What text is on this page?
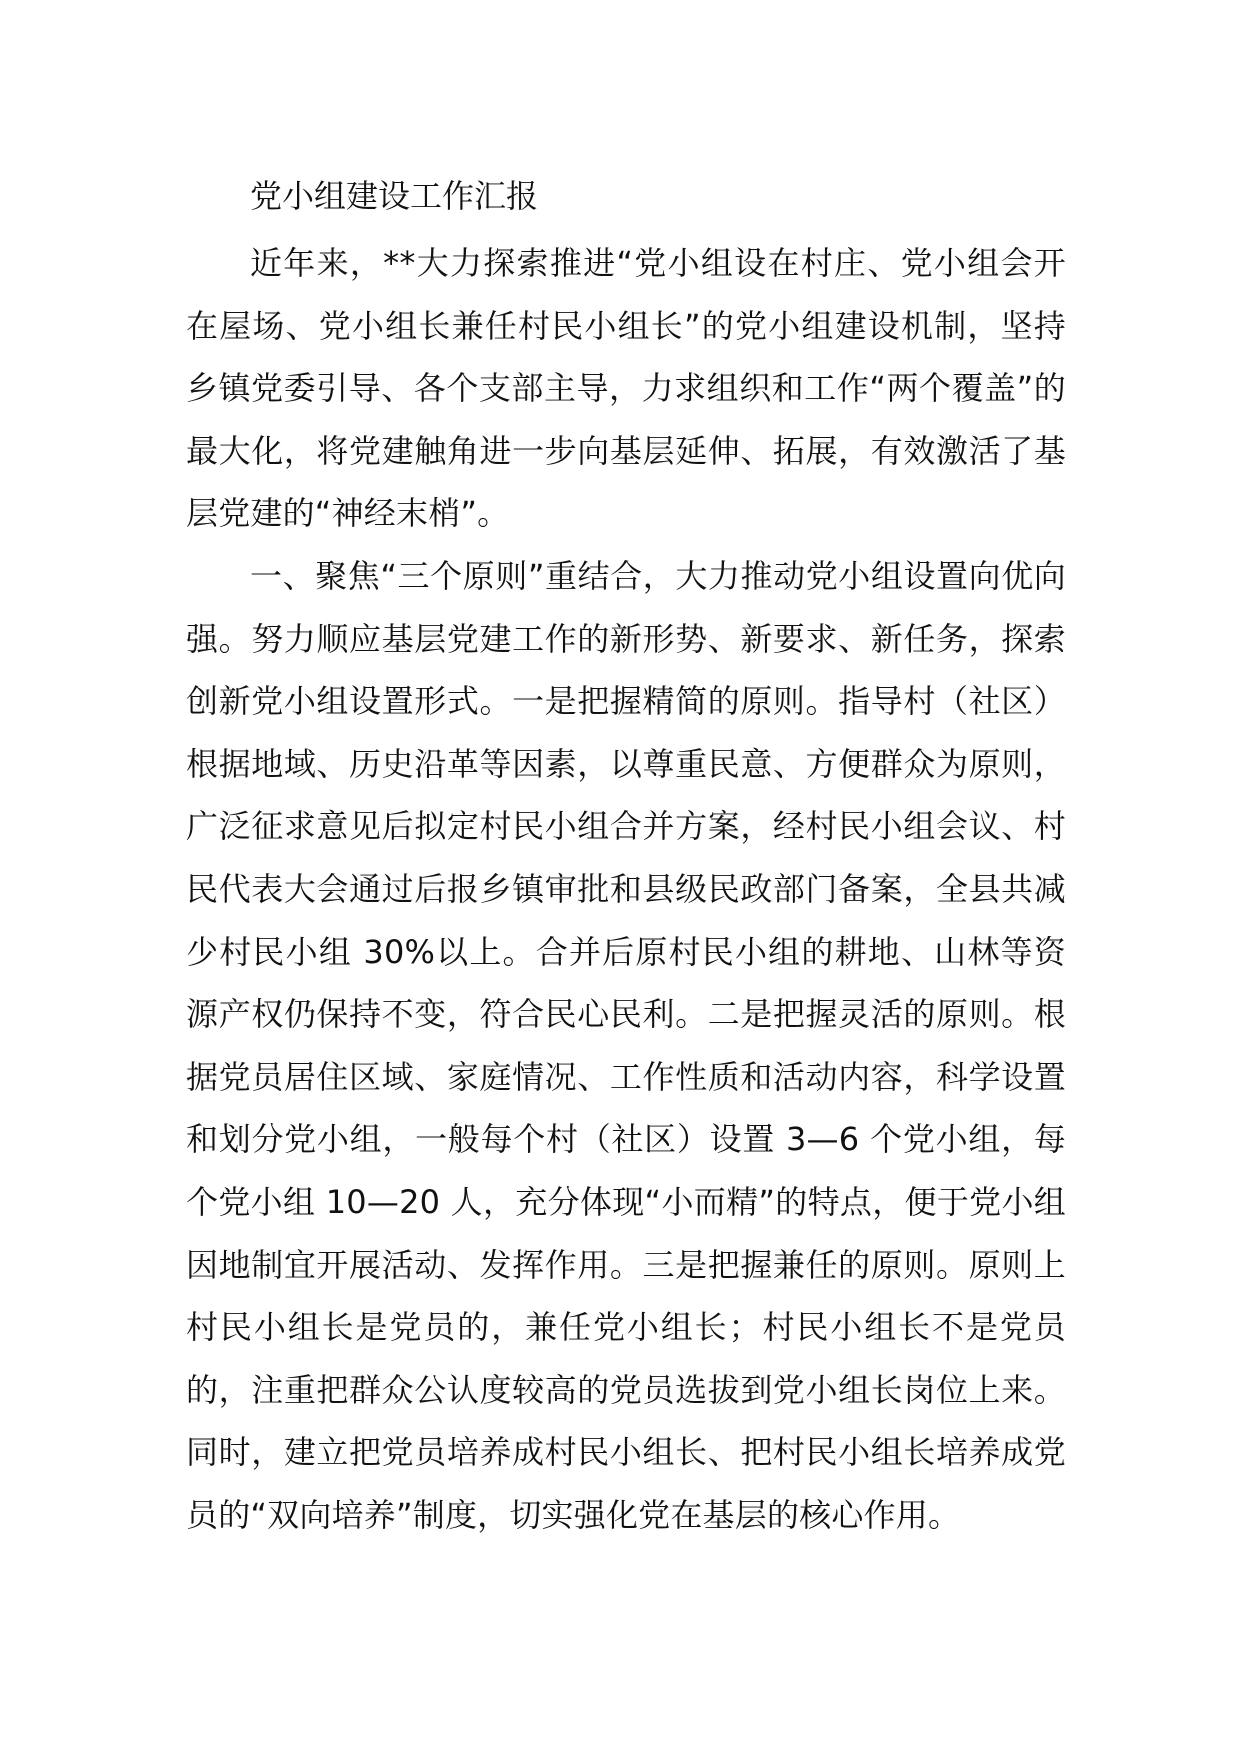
党小组建设工作汇报

近年来，**大力探索推进“党小组设在村庄、党小组会开在屋场、党小组长兼任村民小组长”的党小组建设机制，坚持乡镇党委引导、各个支部主导，力求组织和工作“两个覆盖”的最大化，将党建触角进一步向基层延伸、拓展，有效激活了基层党建的“神经末梢”。

一、聚焦“三个原则”重结合，大力推动党小组设置向优向强。努力顺应基层党建工作的新形势、新要求、新任务，探索创新党小组设置形式。一是把握精简的原则。指导村（社区）根据地域、历史沿革等因素，以尊重民意、方便群众为原则，广泛征求意见后拟定村民小组合并方案，经村民小组会议、村民代表大会通过后报乡镇审批和县级民政部门备案，全县共减少村民小组 30%以上。合并后原村民小组的耕地、山林等资源产权仍保持不变，符合民心民利。二是把握灵活的原则。根据党员居住区域、家庭情况、工作性质和活动内容，科学设置和划分党小组，一般每个村（社区）设置 3—6 个党小组，每个党小组 10—20 人，充分体现“小而精”的特点，便于党小组因地制宜开展活动、发挥作用。三是把握兼任的原则。原则上村民小组长是党员的，兼任党小组长；村民小组长不是党员的，注重把群众公认度较高的党员选拔到党小组长岗位上来。同时，建立把党员培养成村民小组长、把村民小组长培养成党员的“双向培养”制度，切实强化党在基层的核心作用。
